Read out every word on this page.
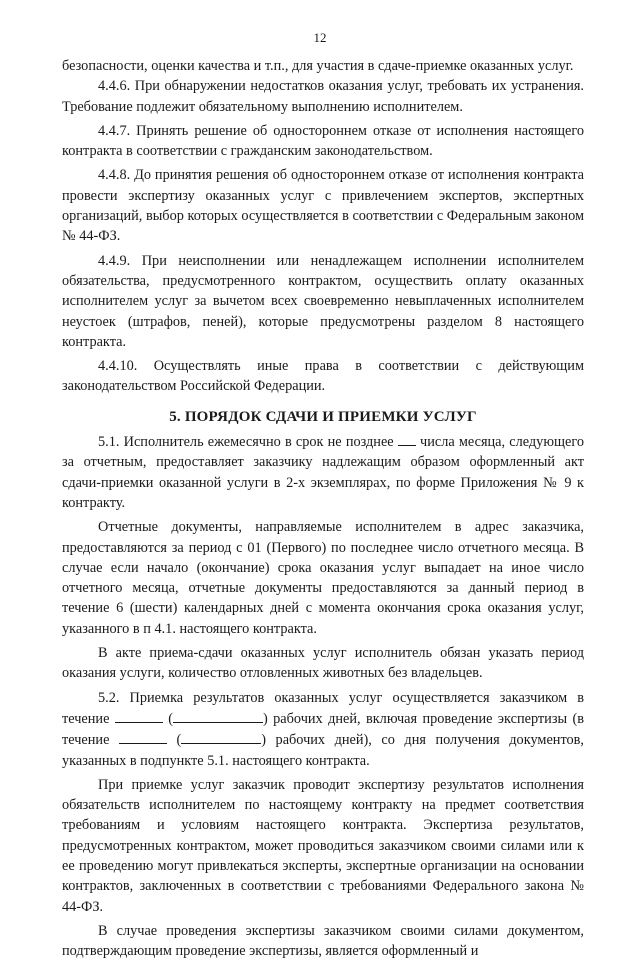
12

безопасности, оценки качества и т.п., для участия в сдаче-приемке оказанных услуг.

4.4.6. При обнаружении недостатков оказания услуг, требовать их устранения. Требование подлежит обязательному выполнению исполнителем.

4.4.7. Принять решение об одностороннем отказе от исполнения настоящего контракта в соответствии с гражданским законодательством.

4.4.8. До принятия решения об одностороннем отказе от исполнения контракта провести экспертизу оказанных услуг с привлечением экспертов, экспертных организаций, выбор которых осуществляется в соответствии с Федеральным законом № 44-ФЗ.

4.4.9. При неисполнении или ненадлежащем исполнении исполнителем обязательства, предусмотренного контрактом, осуществить оплату оказанных исполнителем услуг за вычетом всех своевременно невыплаченных исполнителем неустоек (штрафов, пеней), которые предусмотрены разделом 8 настоящего контракта.

4.4.10. Осуществлять иные права в соответствии с действующим законодательством Российской Федерации.

5. ПОРЯДОК СДАЧИ И ПРИЕМКИ УСЛУГ

5.1. Исполнитель ежемесячно в срок не позднее числа месяца, следующего за отчетным, предоставляет заказчику надлежащим образом оформленный акт сдачи-приемки оказанной услуги в 2-х экземплярах, по форме Приложения № 9 к контракту.

Отчетные документы, направляемые исполнителем в адрес заказчика, предоставляются за период с 01 (Первого) по последнее число отчетного месяца. В случае если начало (окончание) срока оказания услуг выпадает на иное число отчетного месяца, отчетные документы предоставляются за данный период в течение 6 (шести) календарных дней с момента окончания срока оказания услуг, указанного в п 4.1. настоящего контракта.

В акте приема-сдачи оказанных услуг исполнитель обязан указать период оказания услуги, количество отловленных животных без владельцев.

5.2. Приемка результатов оказанных услуг осуществляется заказчиком в течение	(	) рабочих дней, включая проведение экспертизы (в течение	(	) рабочих дней), со дня получения документов, указанных в подпункте 5.1. настоящего контракта.

При приемке услуг заказчик проводит экспертизу результатов исполнения обязательств исполнителем по настоящему контракту на предмет соответствия требованиям и условиям настоящего контракта. Экспертиза результатов, предусмотренных контрактом, может проводиться заказчиком своими силами или к ее проведению могут привлекаться эксперты, экспертные организации на основании контрактов, заключенных в соответствии с требованиями Федерального закона № 44-ФЗ.

В случае проведения экспертизы заказчиком своими силами документом, подтверждающим проведение экспертизы, является оформленный и
